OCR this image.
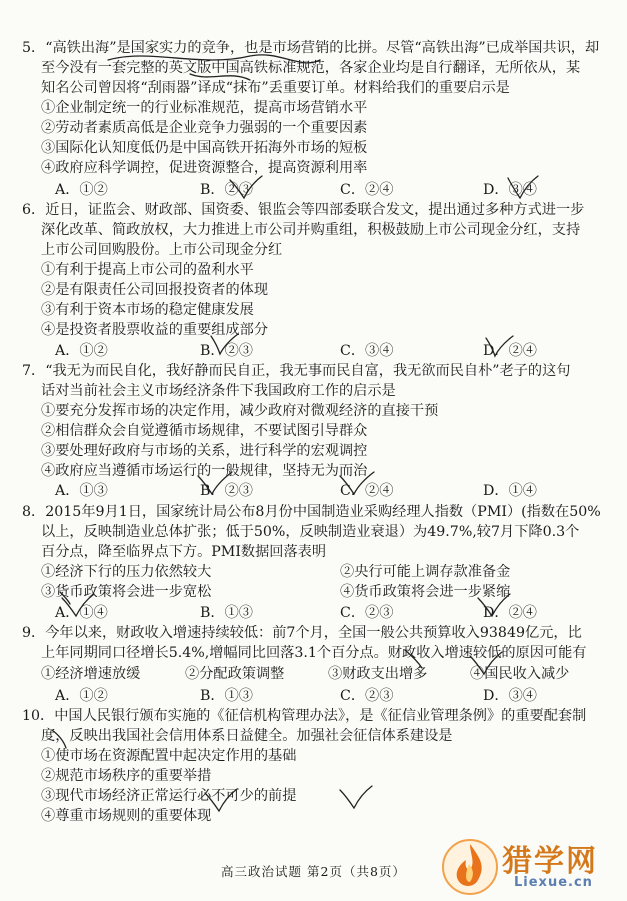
5．“高铁出海”是国家实力的竞争，也是市场营销的比拼。尽管“高铁出海”已成举国共识，却
至今没有一套完整的英文版中国高铁标准规范，各家企业均是自行翻译，无所依从，某
知名公司曾因将“刮雨器”译成“抹布”丢重要订单。材料给我们的重要启示是
①企业制定统一的行业标准规范，提高市场营销水平
②劳动者素质高低是企业竞争力强弱的一个重要因素
③国际化认知度低仍是中国高铁开拓海外市场的短板
④政府应科学调控，促进资源整合，提高资源利用率
A．①②	B．②③	C．②④	D．③④
6．近日，证监会、财政部、国资委、银监会等四部委联合发文，提出通过多种方式进一步
深化改革、简政放权，大力推进上市公司并购重组，积极鼓励上市公司现金分红，支持
上市公司回购股份。上市公司现金分红
①有利于提高上市公司的盈利水平
②是有限责任公司回报投资者的体现
③有利于资本市场的稳定健康发展
④是投资者股票收益的重要组成部分
A．①②	B．②③	C．③④	D．②④
7．“我无为而民自化，我好静而民自正，我无事而民自富，我无欲而民自朴”老子的这句
话对当前社会主义市场经济条件下我国政府工作的启示是
①要充分发挥市场的决定作用，减少政府对微观经济的直接干预
②相信群众会自觉遵循市场规律，不要试图引导群众
③要处理好政府与市场的关系，进行科学的宏观调控
④政府应当遵循市场运行的一般规律，坚持无为而治
A．①③	B．②③	C．②④	D．①④
8．2015年9月1日，国家统计局公布8月份中国制造业采购经理人指数（PMI）(指数在50%
以上，反映制造业总体扩张；低于50%，反映制造业衰退）为49.7%,较7月下降0.3个
百分点，降至临界点下方。PMI数据回落表明
①经济下行的压力依然较大	②央行可能上调存款准备金
③货币政策将会进一步宽松	④货币政策将会进一步紧缩
A．①④	B．①③	C．②③	D．②④
9．今年以来，财政收入增速持续较低：前7个月，全国一般公共预算收入93849亿元，比
上年同期同口径增长5.4%,增幅同比回落3.1个百分点。财政收入增速较低的原因可能有
①经济增速放缓	②分配政策调整	③财政支出增多	④国民收入减少
A．①②	B．①③	C．②③	D．③④
10．中国人民银行颁布实施的《征信机构管理办法》，是《征信业管理条例》的重要配套制
度，反映出我国社会信用体系日益健全。加强社会征信体系建设是
①使市场在资源配置中起决定作用的基础
②规范市场秩序的重要举措
③现代市场经济正常运行必不可少的前提
④尊重市场规则的重要体现
高三政治试题 第2页（共8页）	猎学网
Liexue.cn
